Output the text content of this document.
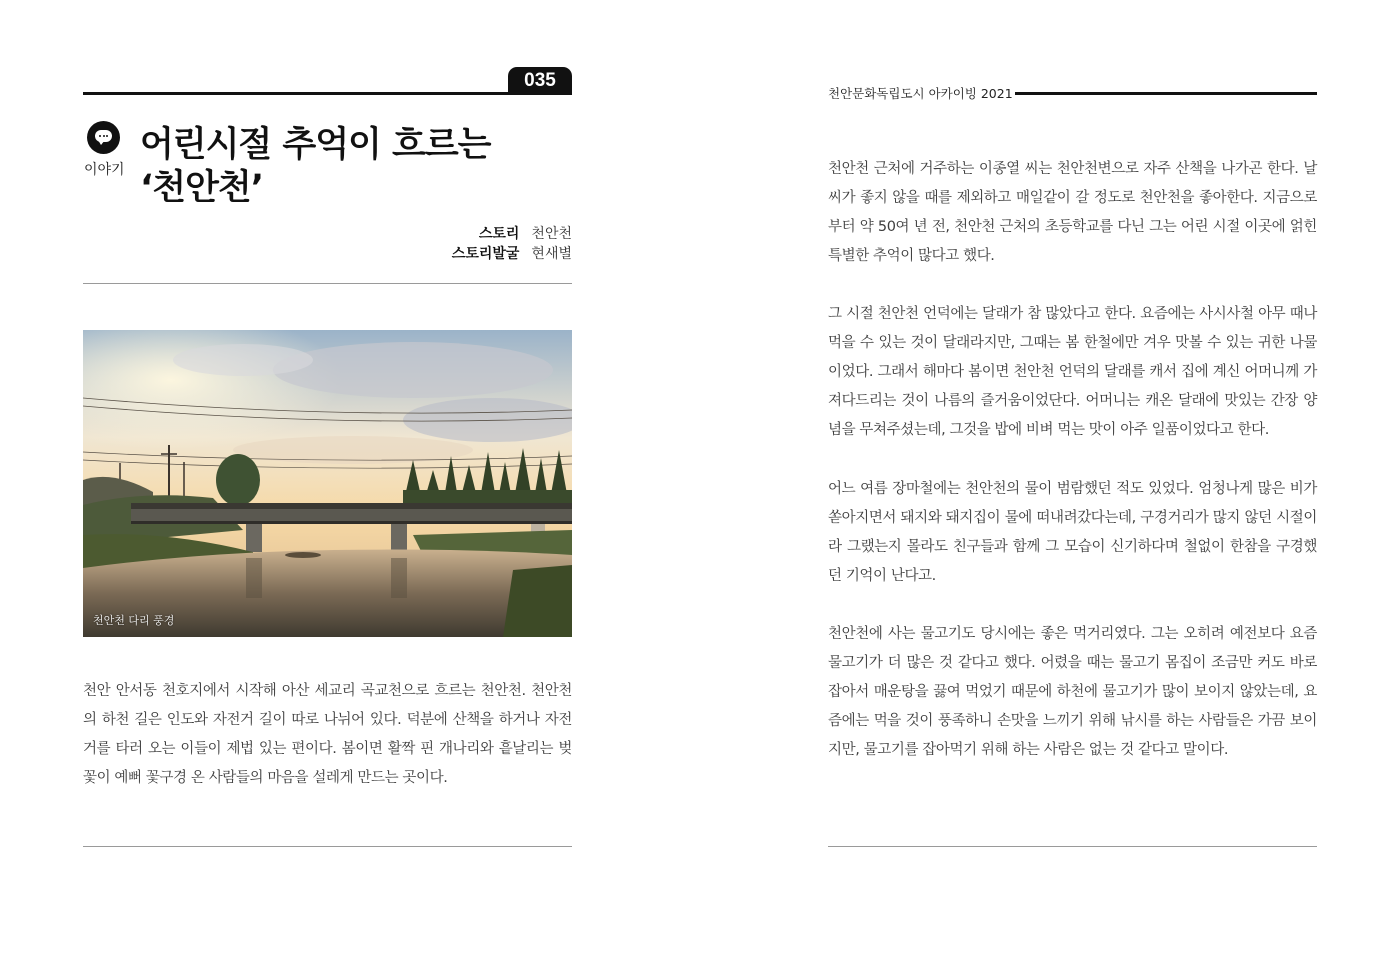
035
이야기
어린시절 추억이 흐르는
‘천안천’
스토리 천안천
스토리발굴 현새별
천안천 다리 풍경
천안 안서동 천호지에서 시작해 아산 세교리 곡교천으로 흐르는 천안천. 천안천의 하천 길은 인도와 자전거 길이 따로 나뉘어 있다. 덕분에 산책을 하거나 자전거를 타러 오는 이들이 제법 있는 편이다. 봄이면 활짝 핀 개나리와 흩날리는 벚꽃이 예뻐 꽃구경 온 사람들의 마음을 설레게 만드는 곳이다.
천안문화독립도시 아카이빙 2021
천안천 근처에 거주하는 이종열 씨는 천안천변으로 자주 산책을 나가곤 한다. 날씨가 좋지 않을 때를 제외하고 매일같이 갈 정도로 천안천을 좋아한다. 지금으로부터 약 50여 년 전, 천안천 근처의 초등학교를 다닌 그는 어린 시절 이곳에 얽힌 특별한 추억이 많다고 했다.
그 시절 천안천 언덕에는 달래가 참 많았다고 한다. 요즘에는 사시사철 아무 때나 먹을 수 있는 것이 달래라지만, 그때는 봄 한철에만 겨우 맛볼 수 있는 귀한 나물이었다. 그래서 해마다 봄이면 천안천 언덕의 달래를 캐서 집에 계신 어머니께 가져다드리는 것이 나름의 즐거움이었단다. 어머니는 캐온 달래에 맛있는 간장 양념을 무쳐주셨는데, 그것을 밥에 비벼 먹는 맛이 아주 일품이었다고 한다.
어느 여름 장마철에는 천안천의 물이 범람했던 적도 있었다. 엄청나게 많은 비가 쏟아지면서 돼지와 돼지집이 물에 떠내려갔다는데, 구경거리가 많지 않던 시절이라 그랬는지 몰라도 친구들과 함께 그 모습이 신기하다며 철없이 한참을 구경했던 기억이 난다고.
천안천에 사는 물고기도 당시에는 좋은 먹거리였다. 그는 오히려 예전보다 요즘 물고기가 더 많은 것 같다고 했다. 어렸을 때는 물고기 몸집이 조금만 커도 바로 잡아서 매운탕을 끓여 먹었기 때문에 하천에 물고기가 많이 보이지 않았는데, 요즘에는 먹을 것이 풍족하니 손맛을 느끼기 위해 낚시를 하는 사람들은 가끔 보이지만, 물고기를 잡아먹기 위해 하는 사람은 없는 것 같다고 말이다.
